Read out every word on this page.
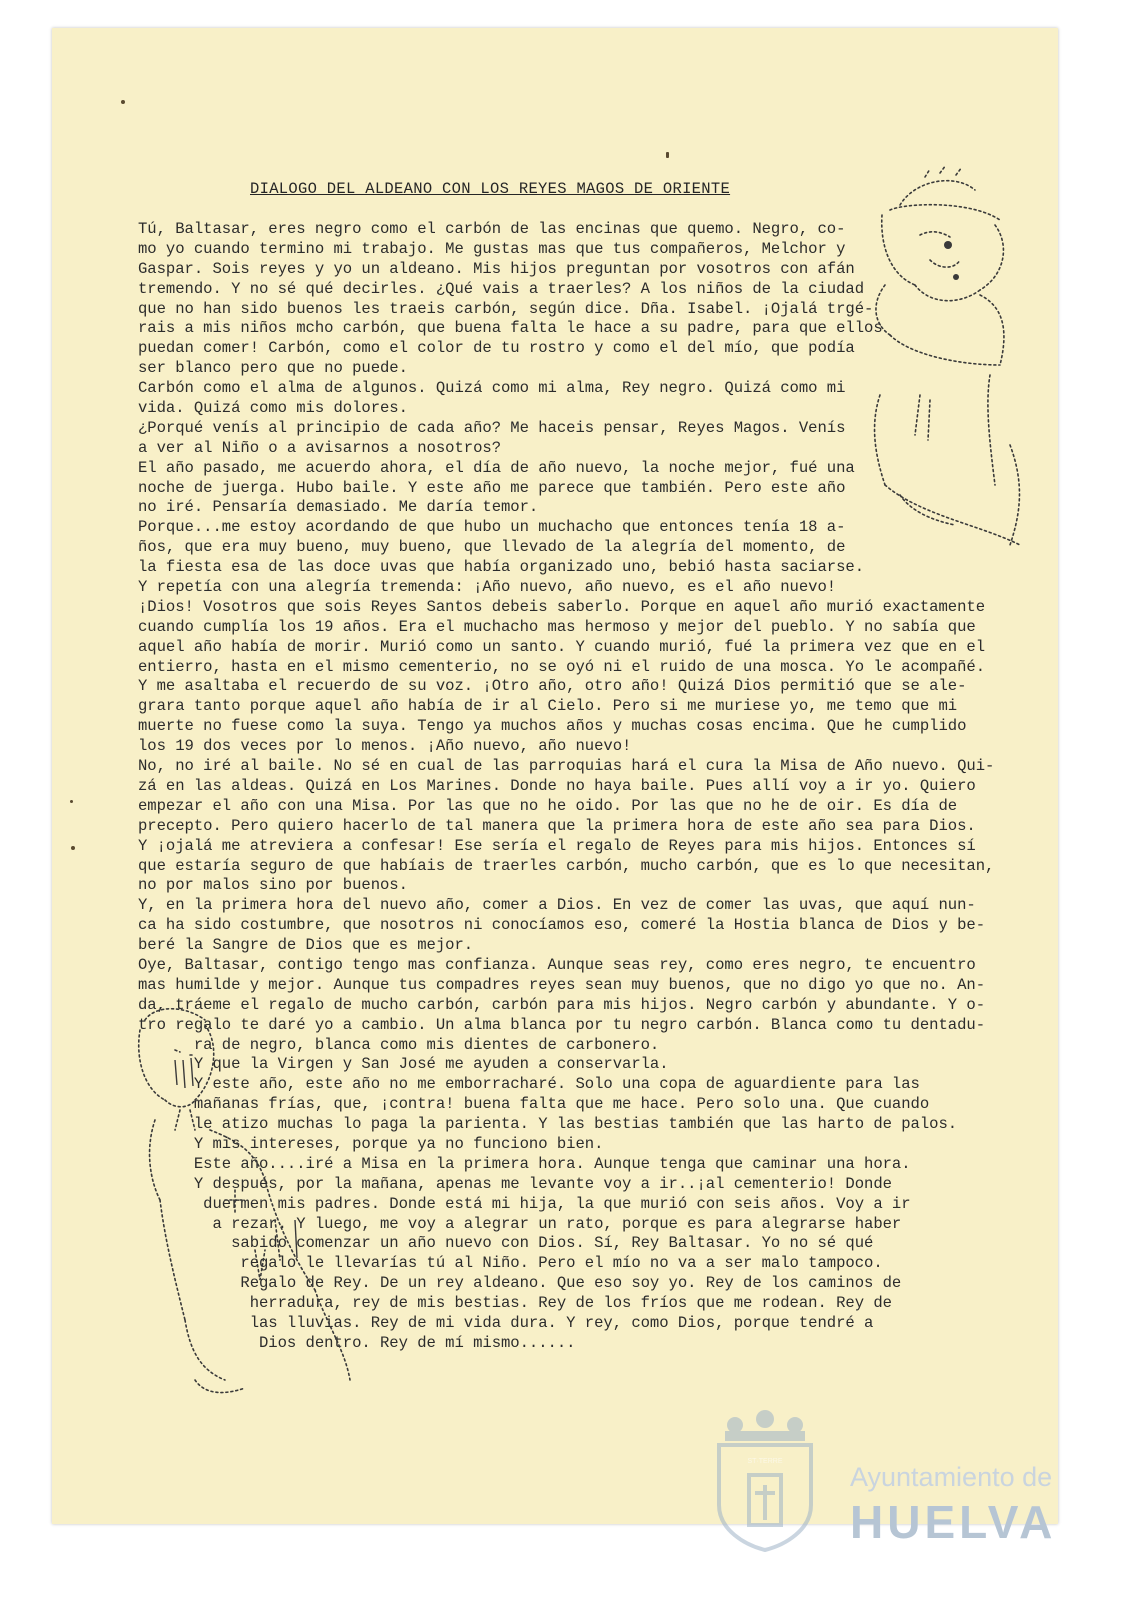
DIALOGO DEL ALDEANO CON LOS REYES MAGOS DE ORIENTE
Tú, Baltasar, eres negro como el carbón de las encinas que quemo. Negro, co-
mo yo cuando termino mi trabajo. Me gustas mas que tus compañeros, Melchor y
Gaspar. Sois reyes y yo un aldeano. Mis hijos preguntan por vosotros con afán
tremendo. Y no sé qué decirles. ¿Qué vais a traerles? A los niños de la ciudad
que no han sido buenos les traeis carbón, según dice. Dña. Isabel. ¡Ojalá trgé-
rais a mis niños mcho carbón, que buena falta le hace a su padre, para que ellos
puedan comer! Carbón, como el color de tu rostro y como el del mío, que podía
ser blanco pero que no puede.
Carbón como el alma de algunos. Quizá como mi alma, Rey negro. Quizá como mi
vida. Quizá como mis dolores.
¿Porqué venís al principio de cada año? Me haceis pensar, Reyes Magos. Venís
a ver al Niño o a avisarnos a nosotros?
El año pasado, me acuerdo ahora, el día de año nuevo, la noche mejor, fué una
noche de juerga. Hubo baile. Y este año me parece que también. Pero este año
no iré. Pensaría demasiado. Me daría temor.
Porque...me estoy acordando de que hubo un muchacho que entonces tenía 18 a-
ños, que era muy bueno, muy bueno, que llevado de la alegría del momento, de
la fiesta esa de las doce uvas que había organizado uno, bebió hasta saciarse.
Y repetía con una alegría tremenda: ¡Año nuevo, año nuevo, es el año nuevo!
¡Dios! Vosotros que sois Reyes Santos debeis saberlo. Porque en aquel año murió exactamente
cuando cumplía los 19 años. Era el muchacho mas hermoso y mejor del pueblo. Y no sabía que
aquel año había de morir. Murió como un santo. Y cuando murió, fué la primera vez que en el
entierro, hasta en el mismo cementerio, no se oyó ni el ruido de una mosca. Yo le acompañé.
Y me asaltaba el recuerdo de su voz. ¡Otro año, otro año! Quizá Dios permitió que se ale-
grara tanto porque aquel año había de ir al Cielo. Pero si me muriese yo, me temo que mi
muerte no fuese como la suya. Tengo ya muchos años y muchas cosas encima. Que he cumplido
los 19 dos veces por lo menos. ¡Año nuevo, año nuevo!
No, no iré al baile. No sé en cual de las parroquias hará el cura la Misa de Año nuevo. Qui-
zá en las aldeas. Quizá en Los Marines. Donde no haya baile. Pues allí voy a ir yo. Quiero
empezar el año con una Misa. Por las que no he oido. Por las que no he de oir. Es día de
precepto. Pero quiero hacerlo de tal manera que la primera hora de este año sea para Dios.
Y ¡ojalá me atreviera a confesar! Ese sería el regalo de Reyes para mis hijos. Entonces sí
que estaría seguro de que habíais de traerles carbón, mucho carbón, que es lo que necesitan,
no por malos sino por buenos.
Y, en la primera hora del nuevo año, comer a Dios. En vez de comer las uvas, que aquí nun-
ca ha sido costumbre, que nosotros ni conocíamos eso, comeré la Hostia blanca de Dios y be-
beré la Sangre de Dios que es mejor.
Oye, Baltasar, contigo tengo mas confianza. Aunque seas rey, como eres negro, te encuentro
mas humilde y mejor. Aunque tus compadres reyes sean muy buenos, que no digo yo que no. An-
da, tráeme el regalo de mucho carbón, carbón para mis hijos. Negro carbón y abundante. Y o-
tro regalo te daré yo a cambio. Un alma blanca por tu negro carbón. Blanca como tu dentadu-
ra de negro, blanca como mis dientes de carbonero.
Y que la Virgen y San José me ayuden a conservarla.
Y este año, este año no me emborracharé. Solo una copa de aguardiente para las
mañanas frías, que, ¡contra! buena falta que me hace. Pero solo una. Que cuando
le atizo muchas lo paga la parienta. Y las bestias también que las harto de palos.
Y mis intereses, porque ya no funciono bien.
Este año....iré a Misa en la primera hora. Aunque tenga que caminar una hora.
Y después, por la mañana, apenas me levante voy a ir..¡al cementerio! Donde
duermen mis padres. Donde está mi hija, la que murió con seis años. Voy a ir
a rezar. Y luego, me voy a alegrar un rato, porque es para alegrarse haber
sabido comenzar un año nuevo con Dios. Sí, Rey Baltasar. Yo no sé qué
regalo le llevarías tú al Niño. Pero el mío no va a ser malo tampoco.
Regalo de Rey. De un rey aldeano. Que eso soy yo. Rey de los caminos de
herradura, rey de mis bestias. Rey de los fríos que me rodean. Rey de
las lluvias. Rey de mi vida dura. Y rey, como Dios, porque tendré a
Dios dentro. Rey de mí mismo......
ST·TERRE
Ayuntamiento de
HUELVA
